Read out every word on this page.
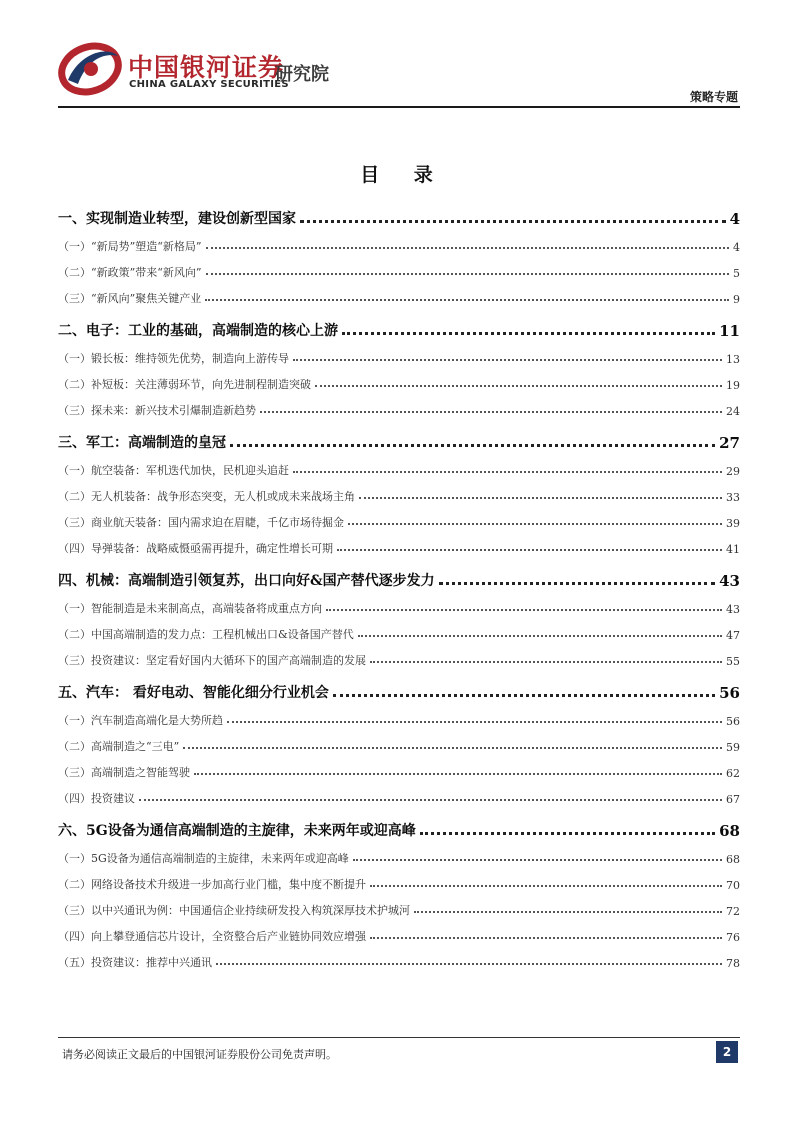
中国银河证券
CHINA GALAXY SECURITIES
研究院
策略专题
目 录
一、实现制造业转型，建设创新型国家	4
（一）“新局势”塑造“新格局”	4
（二）“新政策”带来“新风向”	5
（三）“新风向”聚焦关键产业	9
二、电子：工业的基础，高端制造的核心上游	11
（一）锻长板：维持领先优势，制造向上游传导	13
（二）补短板：关注薄弱环节，向先进制程制造突破	19
（三）探未来：新兴技术引爆制造新趋势	24
三、军工：高端制造的皇冠	27
（一）航空装备：军机迭代加快，民机迎头追赶	29
（二）无人机装备：战争形态突变，无人机或成未来战场主角	33
（三）商业航天装备：国内需求迫在眉睫，千亿市场待掘金	39
（四）导弹装备：战略威慑亟需再提升，确定性增长可期	41
四、机械：高端制造引领复苏，出口向好&国产替代逐步发力	43
（一）智能制造是未来制高点，高端装备将成重点方向	43
（二）中国高端制造的发力点：工程机械出口&设备国产替代	47
（三）投资建议：坚定看好国内大循环下的国产高端制造的发展	55
五、汽车： 看好电动、智能化细分行业机会	56
（一）汽车制造高端化是大势所趋	56
（二）高端制造之“三电”	59
（三）高端制造之智能驾驶	62
（四）投资建议	67
六、5G设备为通信高端制造的主旋律，未来两年或迎高峰	68
（一）5G设备为通信高端制造的主旋律，未来两年或迎高峰	68
（二）网络设备技术升级进一步加高行业门槛，集中度不断提升	70
（三）以中兴通讯为例：中国通信企业持续研发投入构筑深厚技术护城河	72
（四）向上攀登通信芯片设计，全资整合后产业链协同效应增强	76
（五）投资建议：推荐中兴通讯	78
请务必阅读正文最后的中国银河证券股份公司免责声明。	2
